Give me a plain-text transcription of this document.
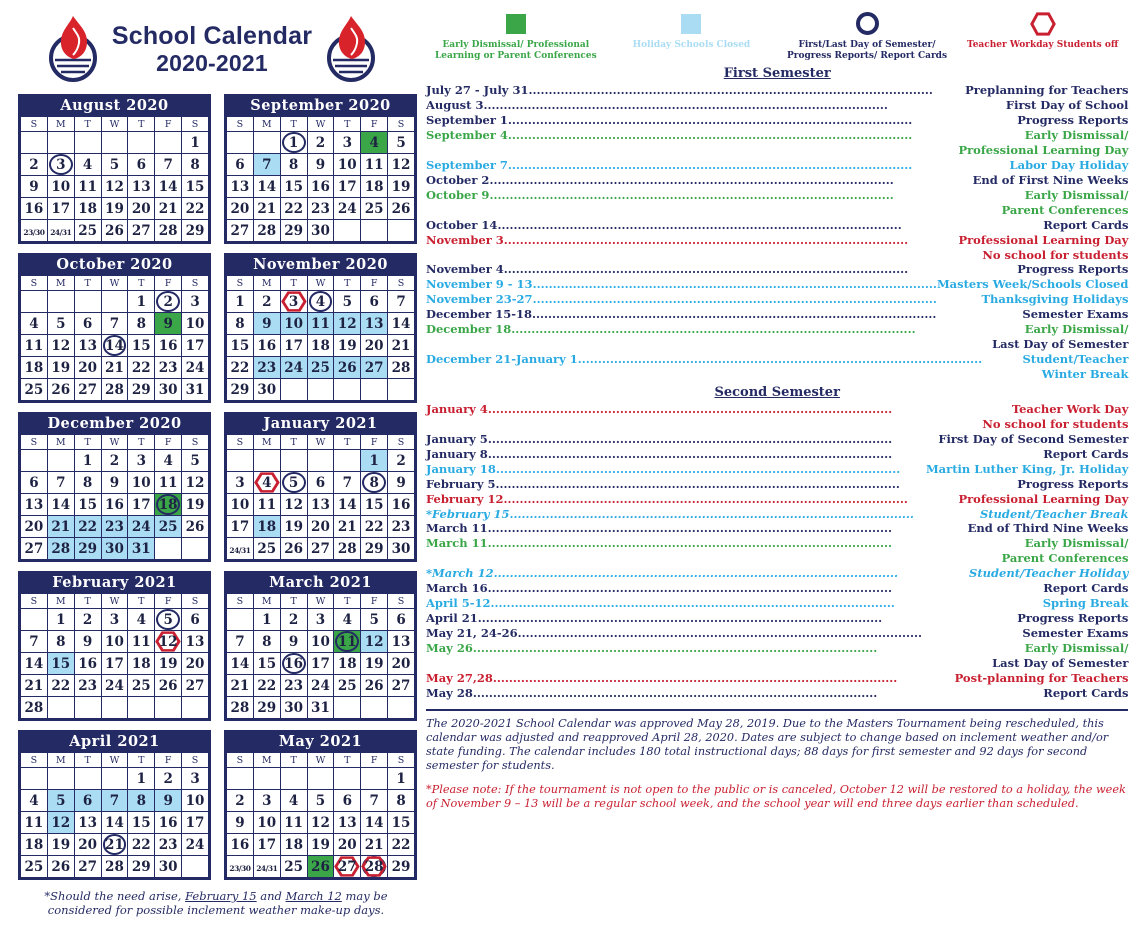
School Calendar
2020-2021
August 2020
S	M	T	W	T	F	S
						1
2	3	4	5	6	7	8
9	10	11	12	13	14	15
16	17	18	19	20	21	22
23/30	24/31	25	26	27	28	29
September 2020
S	M	T	W	T	F	S
		1	2	3	4	5
6	7	8	9	10	11	12
13	14	15	16	17	18	19
20	21	22	23	24	25	26
27	28	29	30			
October 2020
S	M	T	W	T	F	S
				1	2	3
4	5	6	7	8	9	10
11	12	13	14	15	16	17
18	19	20	21	22	23	24
25	26	27	28	29	30	31
November 2020
S	M	T	W	T	F	S
1	2	3	4	5	6	7
8	9	10	11	12	13	14
15	16	17	18	19	20	21
22	23	24	25	26	27	28
29	30					
December 2020
S	M	T	W	T	F	S
		1	2	3	4	5
6	7	8	9	10	11	12
13	14	15	16	17	18	19
20	21	22	23	24	25	26
27	28	29	30	31		
January 2021
S	M	T	W	T	F	S
					1	2
3	4	5	6	7	8	9
10	11	12	13	14	15	16
17	18	19	20	21	22	23
24/31	25	26	27	28	29	30
February 2021
S	M	T	W	T	F	S
	1	2	3	4	5	6
7	8	9	10	11	12	13
14	15	16	17	18	19	20
21	22	23	24	25	26	27
28						
March 2021
S	M	T	W	T	F	S
	1	2	3	4	5	6
7	8	9	10	11	12	13
14	15	16	17	18	19	20
21	22	23	24	25	26	27
28	29	30	31			
April 2021
S	M	T	W	T	F	S
				1	2	3
4	5	6	7	8	9	10
11	12	13	14	15	16	17
18	19	20	21	22	23	24
25	26	27	28	29	30	
May 2021
S	M	T	W	T	F	S
						1
2	3	4	5	6	7	8
9	10	11	12	13	14	15
16	17	18	19	20	21	22
23/30	24/31	25	26	27	28	29
*Should the need arise, February 15 and March 12 may be considered for possible inclement weather make-up days.
Early Dismissal/ Professional Learning or Parent Conferences
Holiday Schools Closed	First/Last Day of Semester/ Progress Reports/ Report Cards
Teacher Workday Students off
First Semester
July 27 - July 31 .....	Preplanning for Teachers
August 3 .....	First Day of School
September 1 .....	Progress Reports
September 4 .....	Early Dismissal/
Professional Learning Day
September 7 .....	Labor Day Holiday
October 2 .....	End of First Nine Weeks
October 9 .....	Early Dismissal/
Parent Conferences
October 14 .....	Report Cards
November 3 .....	Professional Learning Day
No school for students
November 4 .....	Progress Reports
November 9 - 13 .....	Masters Week/Schools Closed
November 23-27 .....	Thanksgiving Holidays
December 15-18 .....	Semester Exams
December 18 .....	Early Dismissal/
Last Day of Semester
December 21-January 1 .....	Student/Teacher
Winter Break
Second Semester
January 4 .....	Teacher Work Day
No school for students
January 5 .....	First Day of Second Semester
January 8 .....	Report Cards
January 18 .....	Martin Luther King, Jr. Holiday
February 5 .....	Progress Reports
February 12 .....	Professional Learning Day
*February 15 .....	Student/Teacher Break
March 11 .....	End of Third Nine Weeks
March 11 .....	Early Dismissal/
Parent Conferences
*March 12 .....	Student/Teacher Holiday
March 16 .....	Report Cards
April 5-12 .....	Spring Break
April 21 .....	Progress Reports
May 21, 24-26 .....	Semester Exams
May 26 .....	Early Dismissal/
Last Day of Semester
May 27,28 .....	Post-planning for Teachers
May 28 .....	Report Cards

The 2020-2021 School Calendar was approved May 28, 2019. Due to the Masters Tournament being rescheduled, this calendar was adjusted and reapproved April 28, 2020. Dates are subject to change based on inclement weather and/or state funding. The calendar includes 180 total instructional days; 88 days for first semester and 92 days for second semester for students.

*Please note: If the tournament is not open to the public or is canceled, October 12 will be restored to a holiday, the week of November 9 – 13 will be a regular school week, and the school year will end three days earlier than scheduled.
